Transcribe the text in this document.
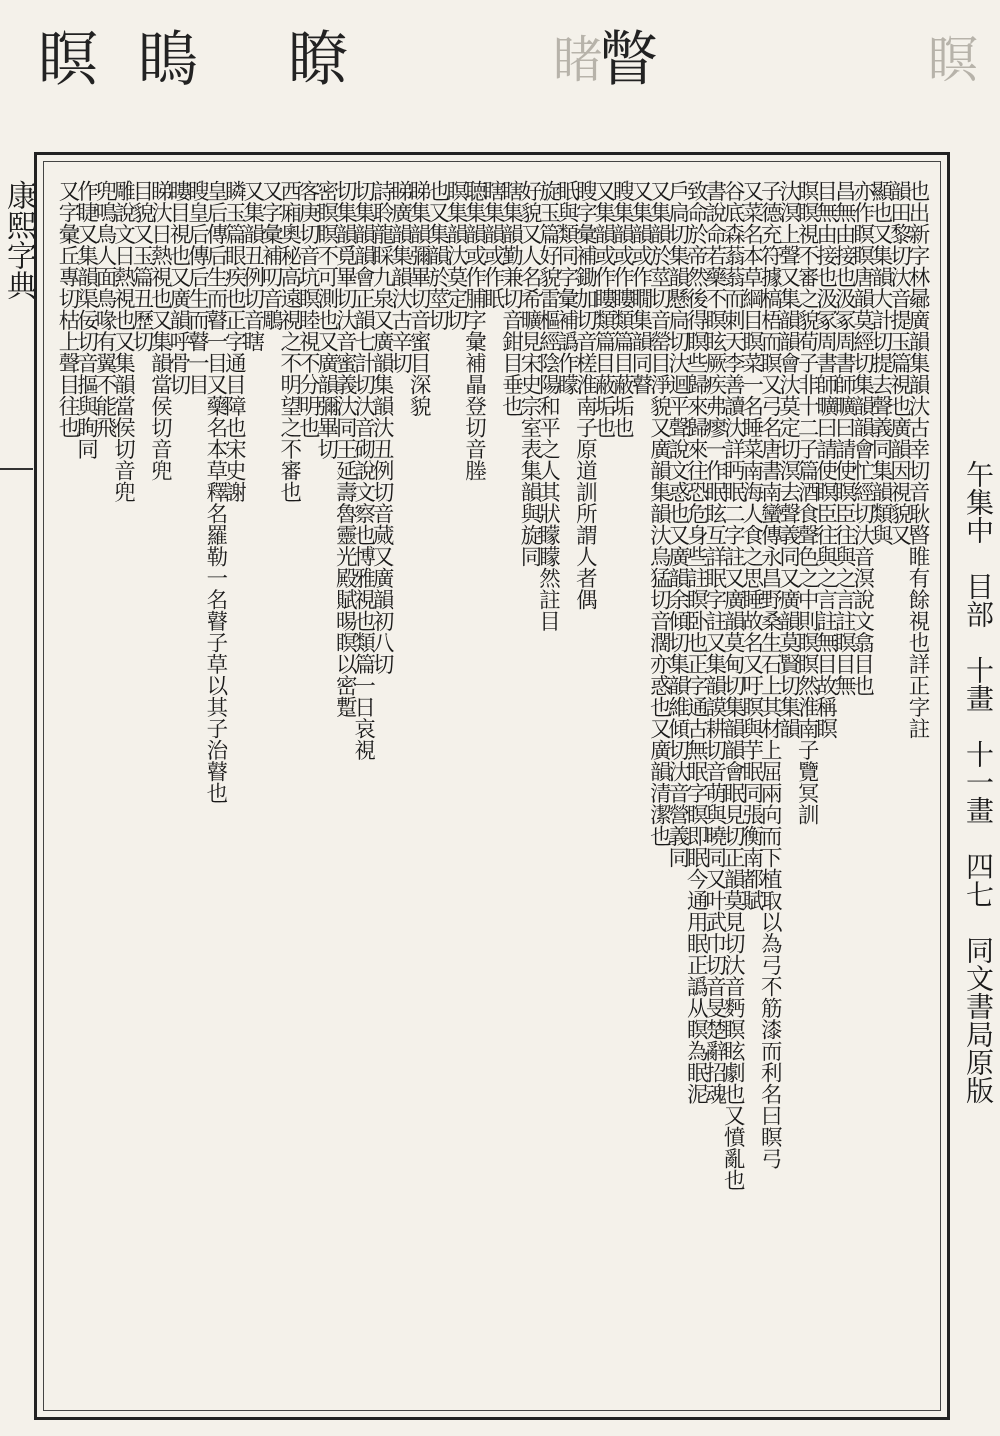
瞑 瞗 瞭	睹
瞥	瞑
康熙字典	也出新字林曏廣韻集韻汏古幸切音耿暋睢有餘視也詳正字註
韻田黎切汏音提玉篇視也廣韻因視貌又
顯也又集韻大計切提去聲義同集韻類與
亦作瞑瞑唐韻莫經切集韻韻會忙經切汏音溟說文翕目也
昌無由接也汲冢周書師曠曰請使瞑臣往與之言註瞑目無
目無由接也汲冢周書師曠曰請使瞑臣往與之言註無目故稱瞑
瞑瞑視不審之貌荀子非十二子篇酒食聲色之中則瞑瞑然淮南子覽冥訓
汏溟上聲又集韻韻會汏莫定切溟去聲義同又廣韻莫賢切集韻
子德充符據槁梧而瞑又弓名唐書南蠻傳永昌野桑生石上其材上屈兩向而下植取以為弓不筋漆而利名曰瞑弓
又菜名本草綱目瞑菜一名睡菜南海人食之思睡故名又吁瞑與芋眠同張衡南都賦
谷底森蓊蓊而刺天李善讀汏詳眄眠二字註又廣韻莫甸切集韻韻會眠見切正韻莫見切汏音麪瞑眩劇也又憤亂也
書說命若藥不瞑眩厥疾弗瘳一作眠眩互詳眠字註又集韻謨耕切音萌與曉同又叶武巾切音旻楚辭招魂
致命於帝然後得瞑些歸來歸來往恐危身些註瞑卧也正字通古無眠字瞑即眠今通用眠正譌从瞑為眠泥
戶扃切集韻懸扃切汏迴平聲說文惑也又廣韻余傾切集韻維傾切汏音營義同
又集韻於莖切音罃目淨貌又廣韻集韻汏烏猛切音濶亦惑也又廣韻清潔也
又集韻或作瞯集韻同瞽
瞍集韻或作瞜類篇目蔽垢也
又集韻或作瞜類篇目蔽垢也
瞍字彙補鋤加切音槎淮南子原道訓所謂人者偶
眂與類同字彙補譌作矇
旋玉篇好貌雷樞經陰陽和平之人其狀矇矇然註目
好貌又人名希曠見宋史宗室表集韻與旋同
瞎集韻勤兼切音鉗目垂也
瞎集韻或作眂
聴集韻或作脯字彙補瞐登切音塍
瞑集韻汏莫定切
也又集韻於莖切
睇集韻彌畢切音蜜目深貌
睇廣韻集韻汏古辛切
詩聆龍睬九泉又廣韻集韻汏丑例切音蒇又廣韻初八切
切集韻韻會正韻七計切汏音砌說文察也博雅視也類篇一日哀視
切集韻覓畢切汏音蜜義汏同王延壽魯靈光殿賦晹瞑以密蹔
密瞑瞑不可測也又廣韻彌畢切
客庚切音坑瞑睦視不分明也
西廂奧秘高遠視之不明望之不審也
又字彙補叨音鵰
又集韻丑例切音瞎
瞵玉篇眼疾也正字通目障也宋史謝
皇后傳后生而瞽一目又藥名本草釋名羅勒一名瞽子草以其子治瞽也
瞍皇后傳后生而瞽一目
瞜目視也又廣韻呼骨切
睇汏日熱視也又集韻當侯切音兜
目貌又玉篇丑歷切
雕說文日熱視也又集韻當侯切音兜
兜鳴鳥人面鳥喙有翼不能飛
作睫又集韻渠佞切音摳與眴同
又字彙丘專切枯上聲目往也
午集中　目部　十畫　十一畫　四七　同文書局原版
